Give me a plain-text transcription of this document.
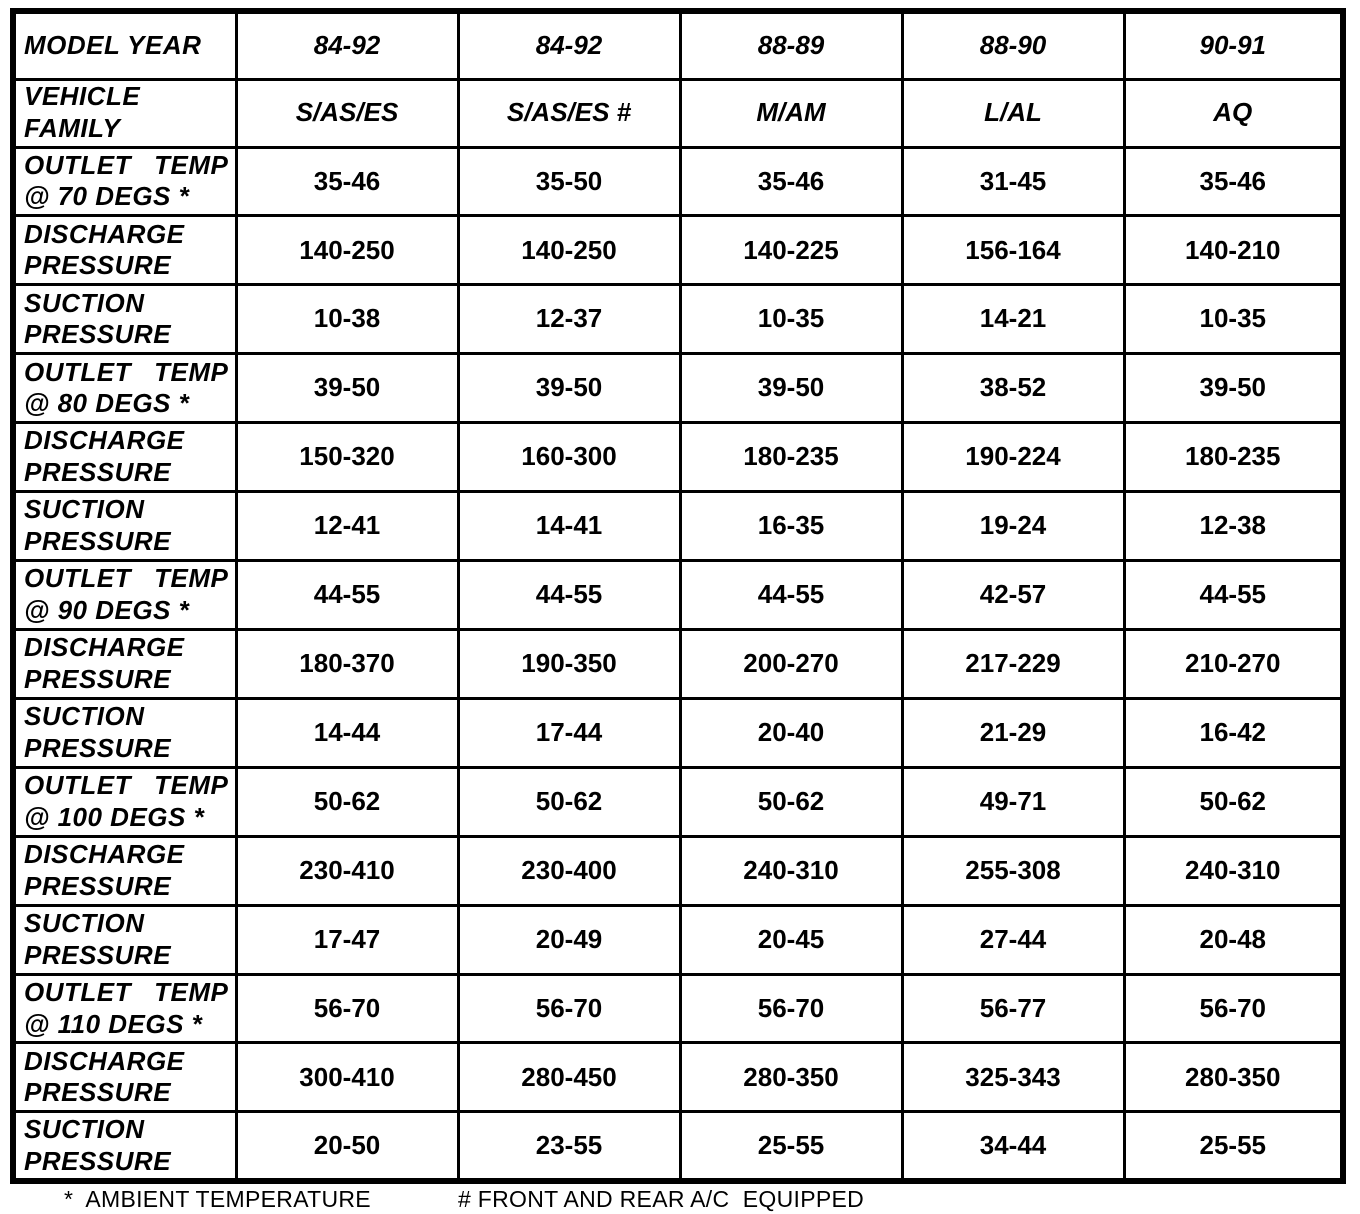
MODEL YEAR	84-92	84-92	88-89	88-90	90-91

VEHICLE
FAMILY	S/AS/ES	S/AS/ES #	M/AM	L/AL	AQ

OUTLET   TEMP
@ 70 DEGS *	35-46	35-50	35-46	31-45	35-46

DISCHARGE
PRESSURE	140-250	140-250	140-225	156-164	140-210

SUCTION
PRESSURE	10-38	12-37	10-35	14-21	10-35

OUTLET   TEMP
@ 80 DEGS *	39-50	39-50	39-50	38-52	39-50

DISCHARGE
PRESSURE	150-320	160-300	180-235	190-224	180-235

SUCTION
PRESSURE	12-41	14-41	16-35	19-24	12-38

OUTLET   TEMP
@ 90 DEGS *	44-55	44-55	44-55	42-57	44-55

DISCHARGE
PRESSURE	180-370	190-350	200-270	217-229	210-270

SUCTION
PRESSURE	14-44	17-44	20-40	21-29	16-42

OUTLET   TEMP
@ 100 DEGS *	50-62	50-62	50-62	49-71	50-62

DISCHARGE
PRESSURE	230-410	230-400	240-310	255-308	240-310

SUCTION
PRESSURE	17-47	20-49	20-45	27-44	20-48

OUTLET   TEMP
@ 110 DEGS *	56-70	56-70	56-70	56-77	56-70

DISCHARGE
PRESSURE	300-410	280-450	280-350	325-343	280-350

SUCTION
PRESSURE	20-50	23-55	25-55	34-44	25-55
*  AMBIENT TEMPERATURE	# FRONT AND REAR A/C  EQUIPPED
